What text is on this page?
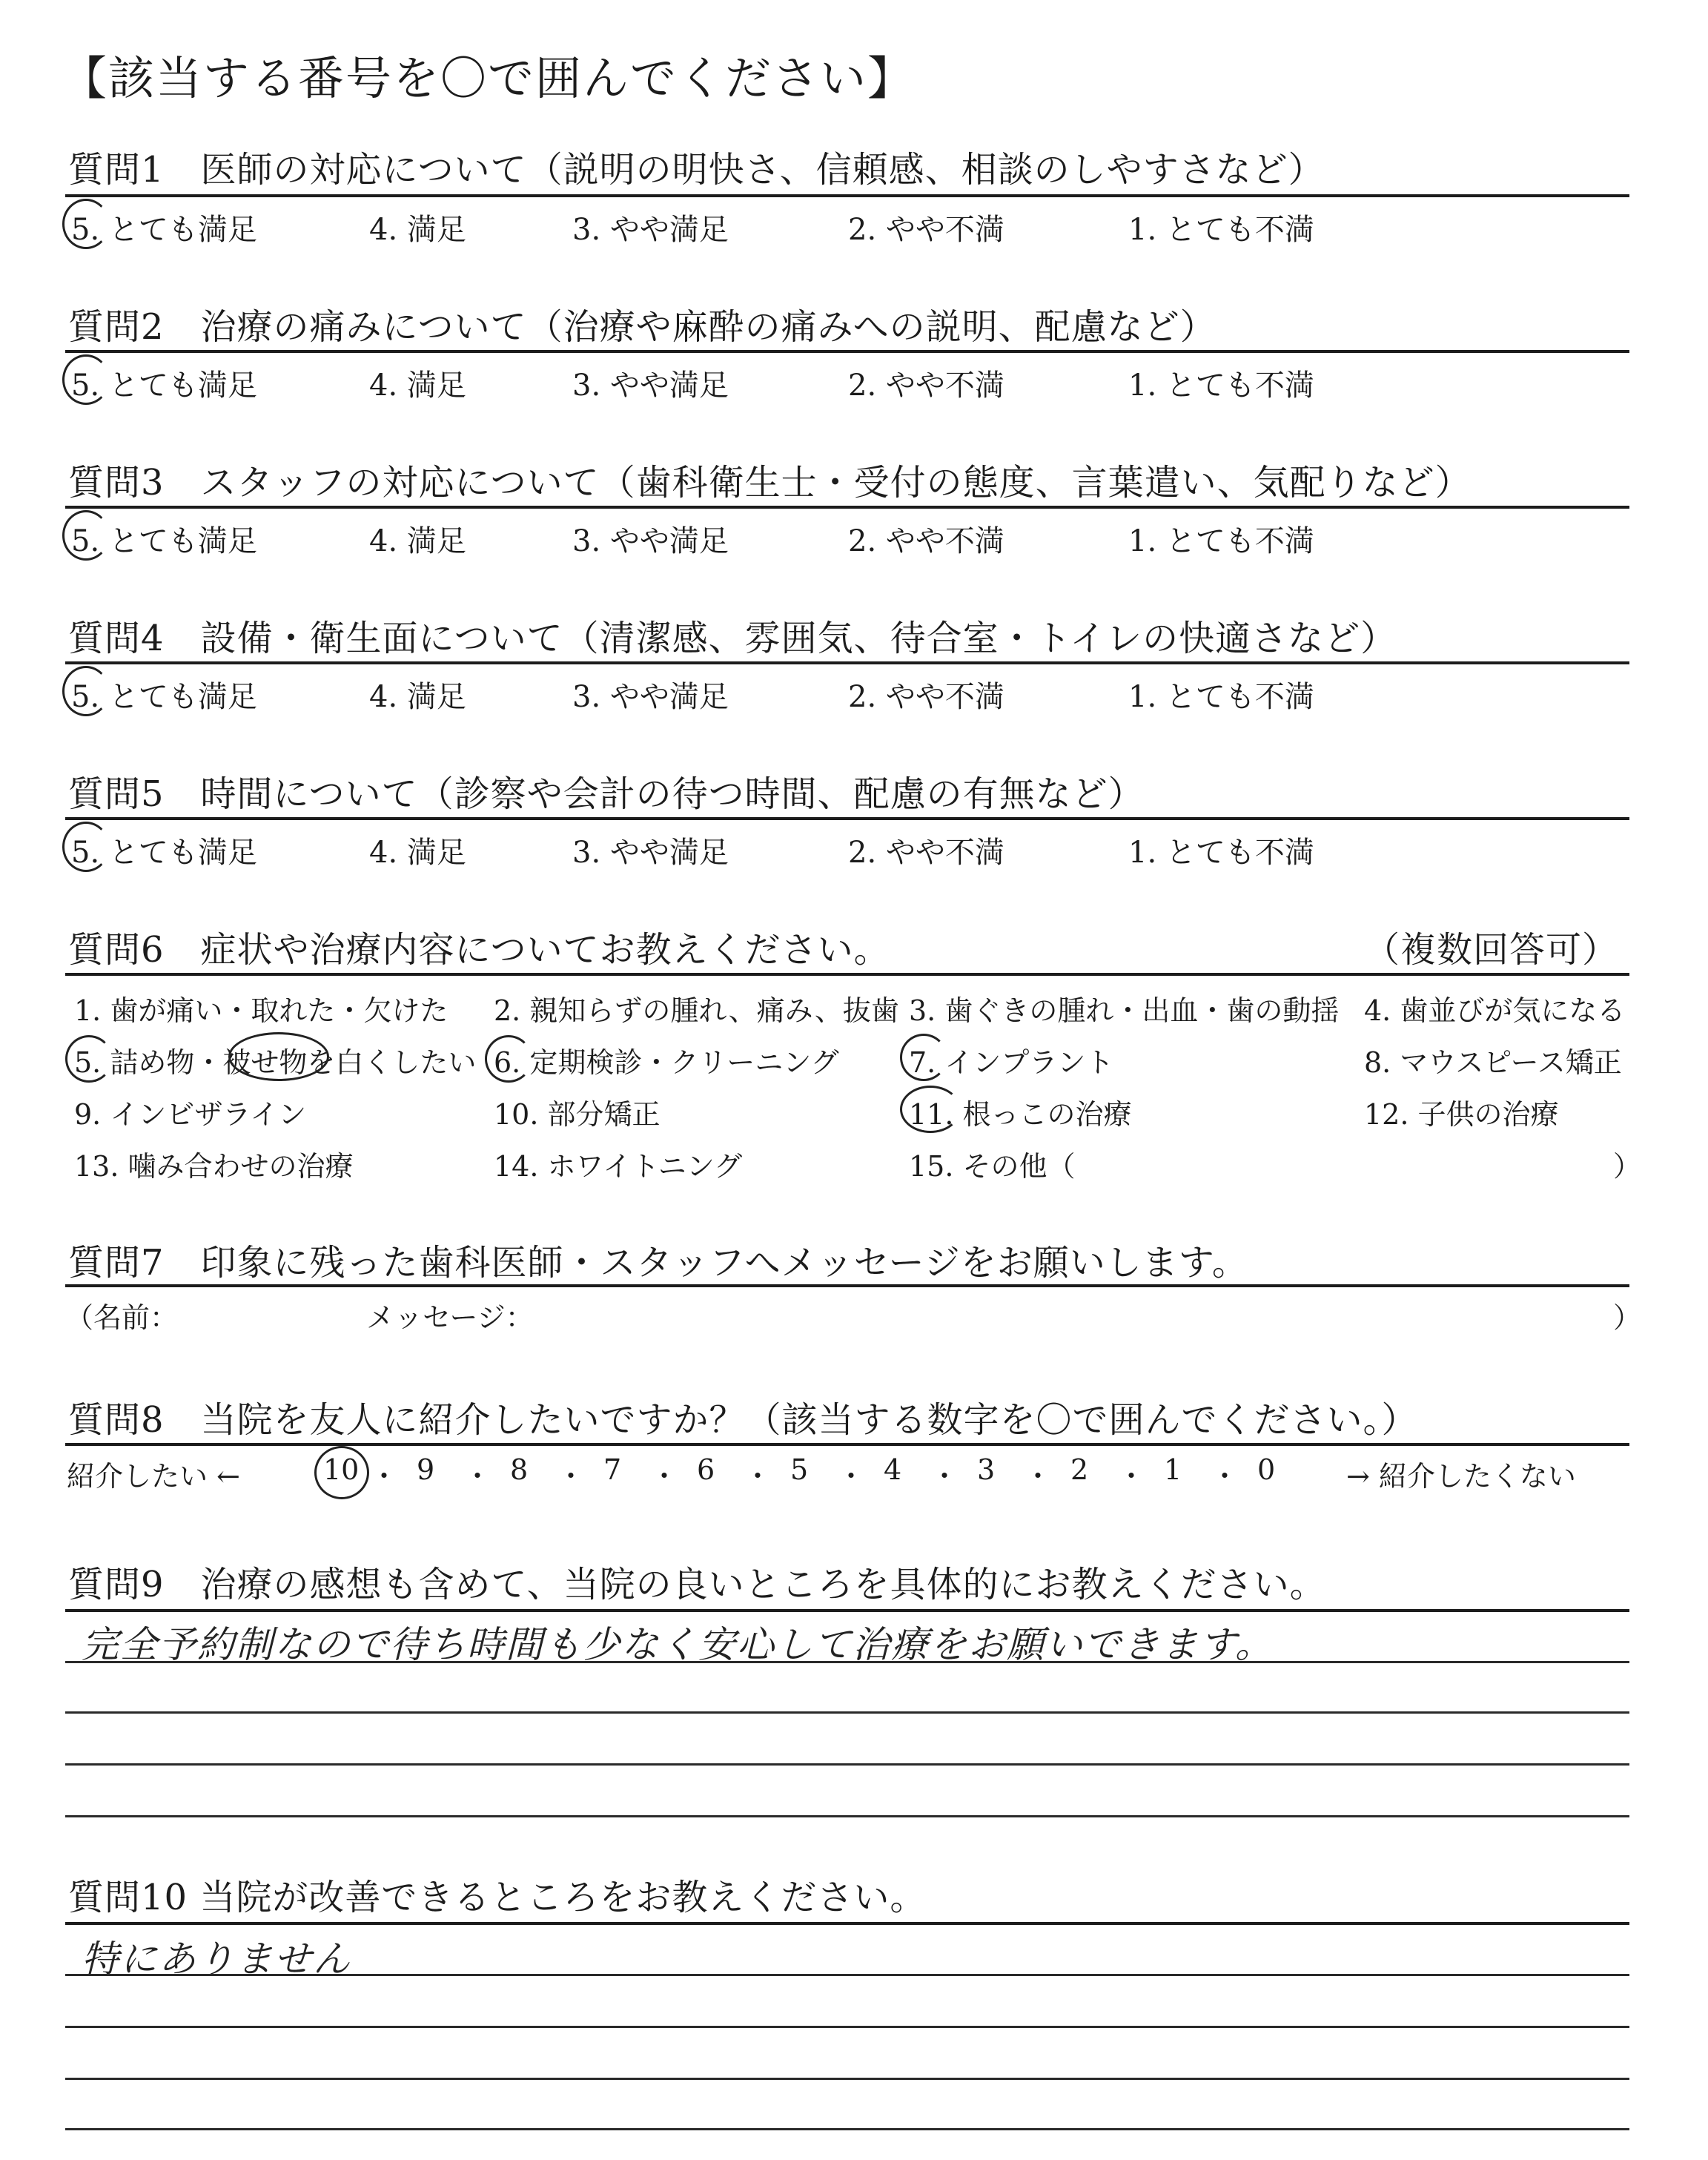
【該当する番号を〇で囲んでください】
質問1　医師の対応について（説明の明快さ、信頼感、相談のしやすさなど）
5. とても満足	4. 満足	3. やや満足	2. やや不満	1. とても不満
質問2　治療の痛みについて（治療や麻酔の痛みへの説明、配慮など）
5. とても満足	4. 満足	3. やや満足	2. やや不満	1. とても不満
質問3　スタッフの対応について（歯科衛生士・受付の態度、言葉遣い、気配りなど）
5. とても満足	4. 満足	3. やや満足	2. やや不満	1. とても不満
質問4　設備・衛生面について（清潔感、雰囲気、待合室・トイレの快適さなど）
5. とても満足	4. 満足	3. やや満足	2. やや不満	1. とても不満
質問5　時間について（診察や会計の待つ時間、配慮の有無など）
5. とても満足	4. 満足	3. やや満足	2. やや不満	1. とても不満
質問6　症状や治療内容についてお教えください。	（複数回答可）
1. 歯が痛い・取れた・欠けた 2. 親知らずの腫れ、痛み、抜歯 3. 歯ぐきの腫れ・出血・歯の動揺 4. 歯並びが気になる
5. 詰め物・被せ物を白くしたい 6. 定期検診・クリーニング 7. インプラント	8. マウスピース矯正
9. インビザライン	10. 部分矯正	11. 根っこの治療	12. 子供の治療
13. 噛み合わせの治療	14. ホワイトニング	15. その他（	）
質問7　印象に残った歯科医師・スタッフへメッセージをお願いします。
（名前：	メッセージ：	）
質問8　当院を友人に紹介したいですか？（該当する数字を〇で囲んでください。）
紹介したい ←	10 ・ 9 ・ 8 ・ 7 ・ 6 ・ 5 ・ 4 ・ 3 ・ 2 ・ 1 ・ 0	→ 紹介したくない
質問9　治療の感想も含めて、当院の良いところを具体的にお教えください。
完全予約制なので待ち時間も少なく安心して治療をお願いできます。
質問10 当院が改善できるところをお教えください。
特にありません
